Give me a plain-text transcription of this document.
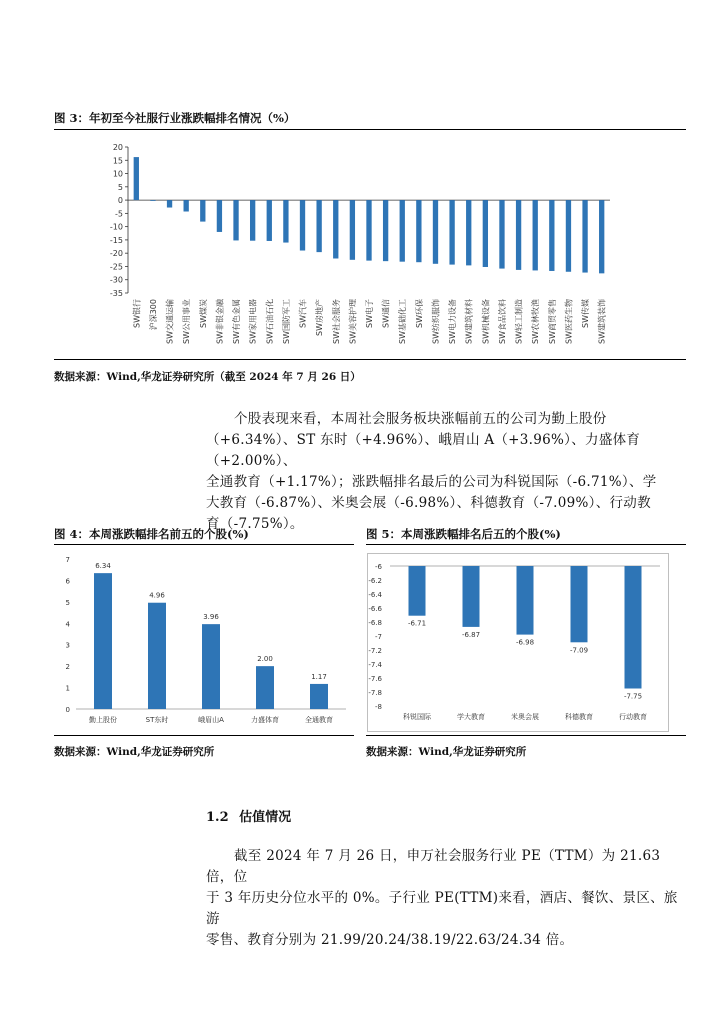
图 3：年初至今社服行业涨跌幅排名情况（%）
20
15
10
5
0
-5
-10
-15
-20
-25
-30
-35
SW银行 沪深300 SW交通运输 SW公用事业 SW煤炭 SW非银金融 SW有色金属 SW家用电器 SW石油石化 SW国防军工 SW汽车 SW房地产 SW社会服务 SW美容护理 SW电子 SW通信 SW基础化工 SW环保 SW纺织服饰 SW电力设备 SW建筑材料 SW机械设备 SW食品饮料 SW轻工制造 SW农林牧渔 SW商贸零售 SW医药生物 SW传媒 SW建筑装饰
数据来源：Wind,华龙证券研究所（截至 2024 年 7 月 26 日）

个股表现来看，本周社会服务板块涨幅前五的公司为勤上股份

（+6.34%）、ST 东时（+4.96%）、峨眉山 A（+3.96%）、力盛体育（+2.00%）、

全通教育（+1.17%）；涨跌幅排名最后的公司为科锐国际（-6.71%）、学

大教育（-6.87%）、米奥会展（-6.98%）、科德教育（-7.09%）、行动教

育（-7.75%）。

图 4：本周涨跌幅排名前五的个股(%)
7
6
5
4
3
2
1
0
6.34
勤上股份
4.96
ST东时
3.96
峨眉山A
2.00
力盛体育
1.17
全通教育
数据来源：Wind,华龙证券研究所
图 5：本周涨跌幅排名后五的个股(%)
-6
-6.2
-6.4
-6.6
-6.8
-7
-7.2
-7.4
-7.6
-7.8
-8
-6.71
科锐国际
-6.87
学大教育
-6.98
米奥会展
-7.09
科德教育
-7.75
行动教育
数据来源：Wind,华龙证券研究所
1.2 估值情况

截至 2024 年 7 月 26 日，申万社会服务行业 PE（TTM）为 21.63 倍，位

于 3 年历史分位水平的 0%。子行业 PE(TTM)来看，酒店、餐饮、景区、旅游

零售、教育分别为 21.99/20.24/38.19/22.63/24.34 倍。
